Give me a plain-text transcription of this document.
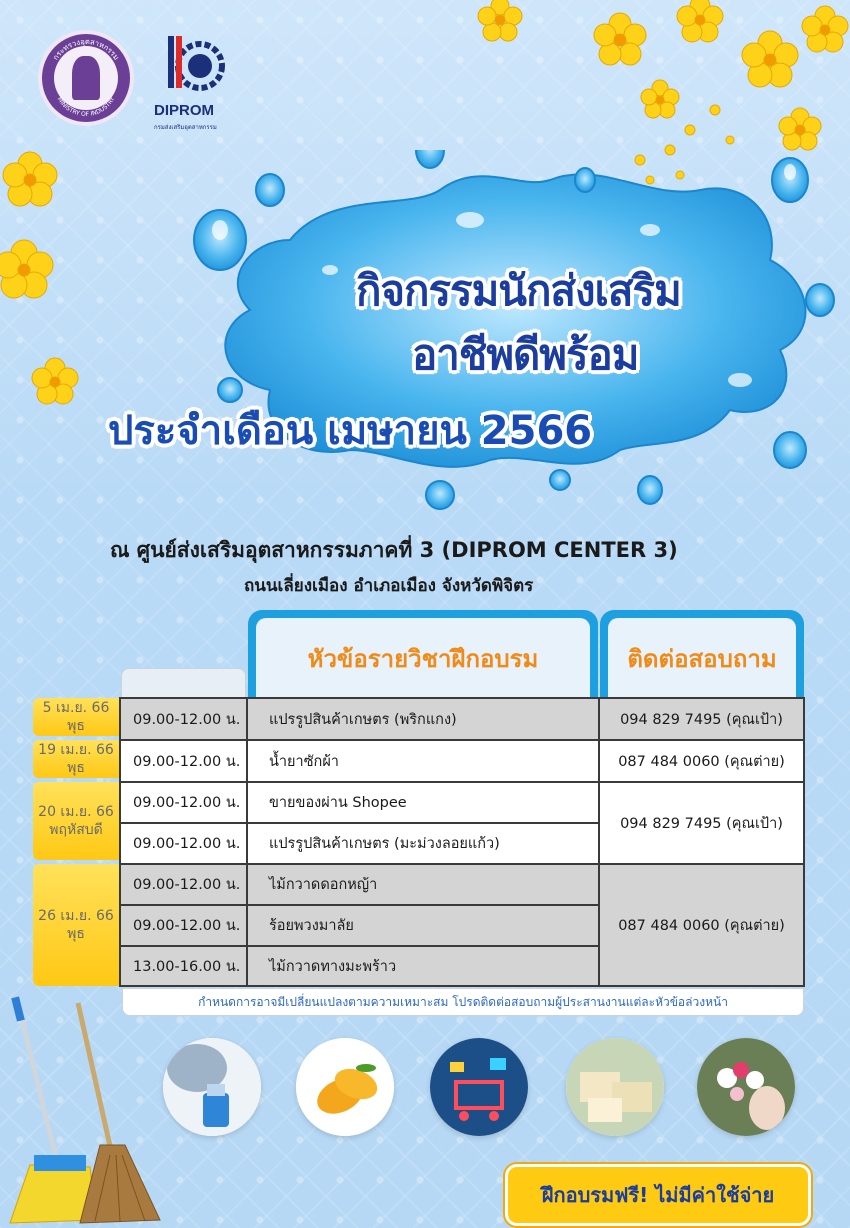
กระทรวงอุตสาหกรรม
MINISTRY OF INDUSTRY
DIPROM
กรมส่งเสริมอุตสาหกรรม
กิจกรรมนักส่งเสริม
อาชีพดีพร้อม
ประจำเดือน เมษายน 2566
ณ ศูนย์ส่งเสริมอุตสาหกรรมภาคที่ 3 (DIPROM CENTER 3)
ถนนเลี่ยงเมือง อำเภอเมือง จังหวัดพิจิตร
หัวข้อรายวิชาฝึกอบรม	ติดต่อสอบถาม
5 เม.ย. 66
พุธ
19 เม.ย. 66
พุธ
20 เม.ย. 66
พฤหัสบดี
26 เม.ย. 66
พุธ
09.00-12.00 น. แปรรูปสินค้าเกษตร (พริกแกง)
09.00-12.00 น. น้ำยาซักผ้า
09.00-12.00 น. ขายของผ่าน Shopee
09.00-12.00 น. แปรรูปสินค้าเกษตร (มะม่วงลอยแก้ว)
09.00-12.00 น. ไม้กวาดดอกหญ้า
09.00-12.00 น. ร้อยพวงมาลัย
13.00-16.00 น. ไม้กวาดทางมะพร้าว
094 829 7495 (คุณเป้า)
087 484 0060 (คุณต่าย)
094 829 7495 (คุณเป้า)
087 484 0060 (คุณต่าย)
กำหนดการอาจมีเปลี่ยนแปลงตามความเหมาะสม โปรดติดต่อสอบถามผู้ประสานงานแต่ละหัวข้อล่วงหน้า
ฝึกอบรมฟรี! ไม่มีค่าใช้จ่าย
